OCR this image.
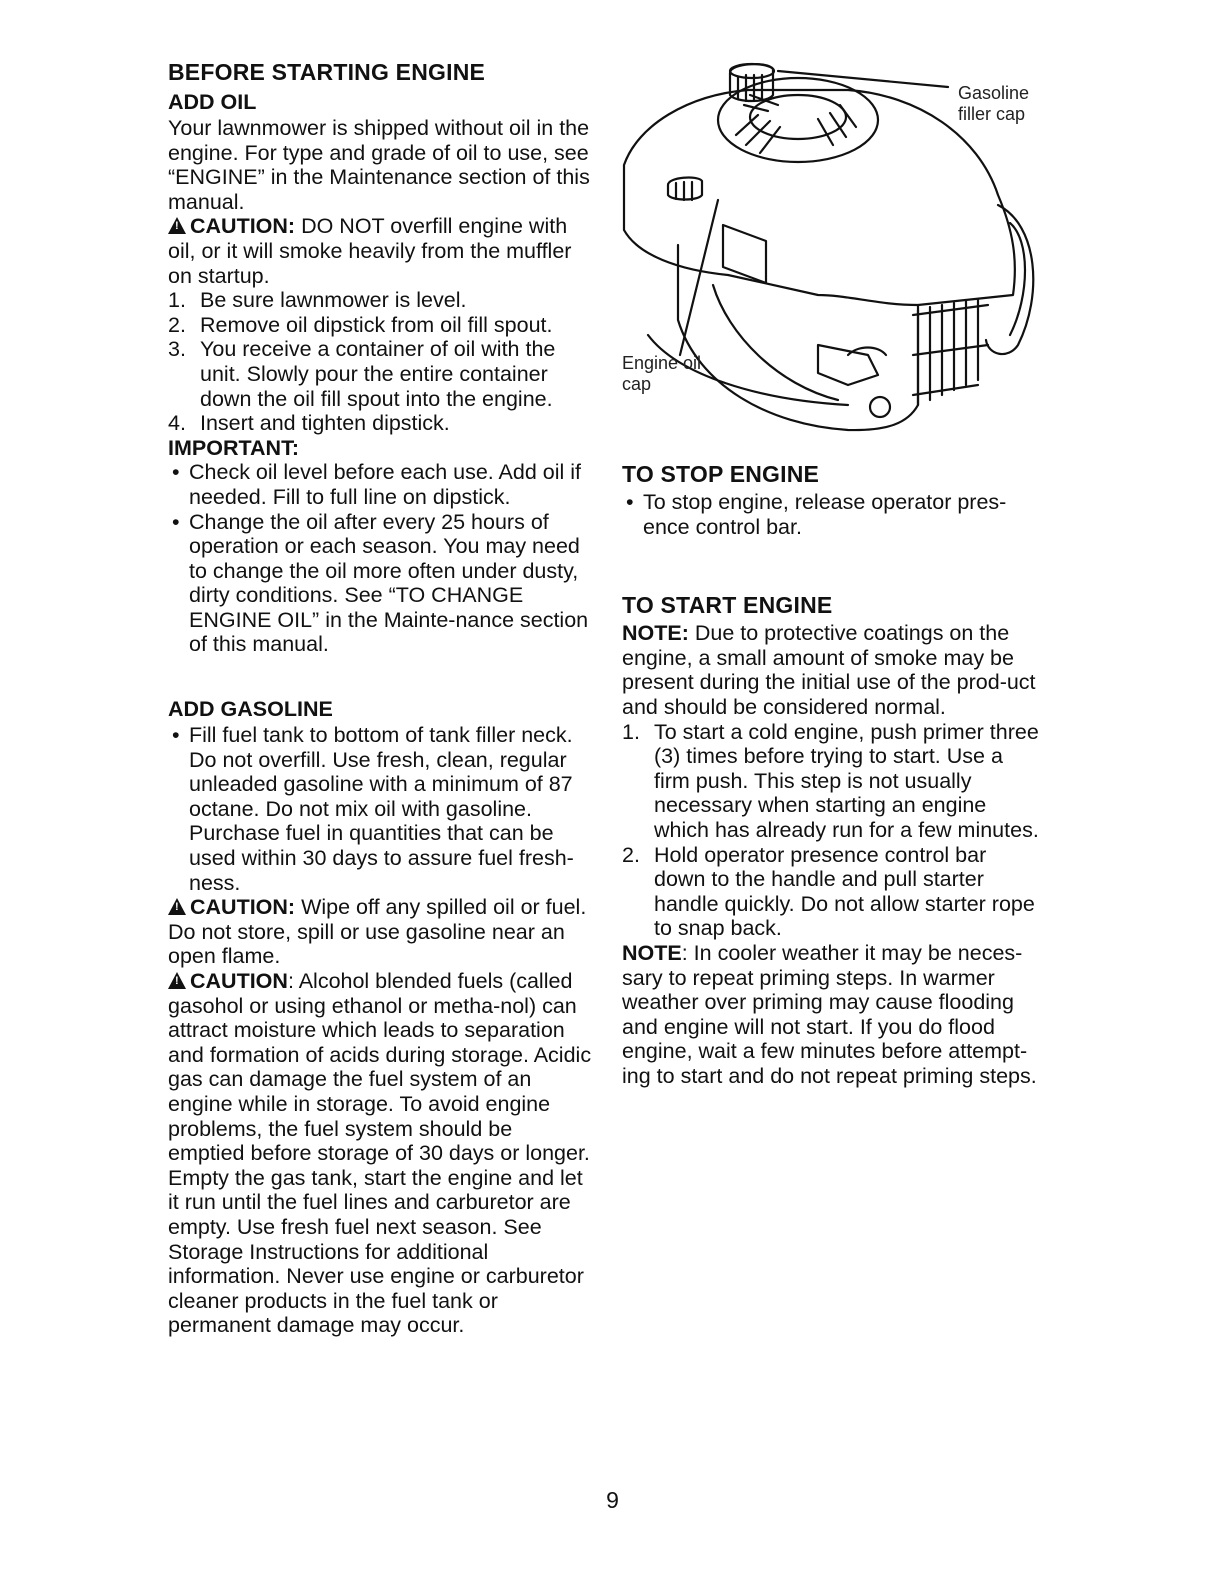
BEFORE STARTING ENGINE
ADD OIL

Your lawnmower is shipped without oil in the engine. For type and grade of oil to use, see “ENGINE” in the Maintenance section of this manual.

!CAUTION: DO NOT overfill engine with oil, or it will smoke heavily from the muffler on startup.

1. Be sure lawnmower is level.
2. Remove oil dipstick from oil fill spout.
3. You receive a container of oil with the unit. Slowly pour the entire container down the oil fill spout into the engine.
4. Insert and tighten dipstick.

IMPORTANT:

• Check oil level before each use. Add oil if needed. Fill to full line on dipstick.
• Change the oil after every 25 hours of operation or each season. You may need to change the oil more often under dusty, dirty conditions. See “TO CHANGE ENGINE OIL” in the Mainte-nance section of this manual.
ADD GASOLINE
• Fill fuel tank to bottom of tank filler neck. Do not overfill. Use fresh, clean, regular unleaded gasoline with a minimum of 87 octane. Do not mix oil with gasoline. Purchase fuel in quantities that can be used within 30 days to assure fuel fresh-ness.

!CAUTION: Wipe off any spilled oil or fuel. Do not store, spill or use gasoline near an open flame.

!CAUTION: Alcohol blended fuels (called gasohol or using ethanol or metha-nol) can attract moisture which leads to separation and formation of acids during storage. Acidic gas can damage the fuel system of an engine while in storage. To avoid engine problems, the fuel system should be emptied before storage of 30 days or longer. Empty the gas tank, start the engine and let it run until the fuel lines and carburetor are empty. Use fresh fuel next season. See Storage Instructions for additional information. Never use engine or carburetor cleaner products in the fuel tank or permanent damage may occur.

Gasoline filler cap
Engine oil cap
TO STOP ENGINE
• To stop engine, release operator pres-ence control bar.
TO START ENGINE

NOTE: Due to protective coatings on the engine, a small amount of smoke may be present during the initial use of the prod-uct and should be considered normal.

1. To start a cold engine, push primer three (3) times before trying to start. Use a firm push. This step is not usually necessary when starting an engine which has already run for a few minutes.
2. Hold operator presence control bar down to the handle and pull starter handle quickly. Do not allow starter rope to snap back.

NOTE: In cooler weather it may be neces-sary to repeat priming steps. In warmer weather over priming may cause flooding and engine will not start. If you do flood engine, wait a few minutes before attempt-ing to start and do not repeat priming steps.

9
